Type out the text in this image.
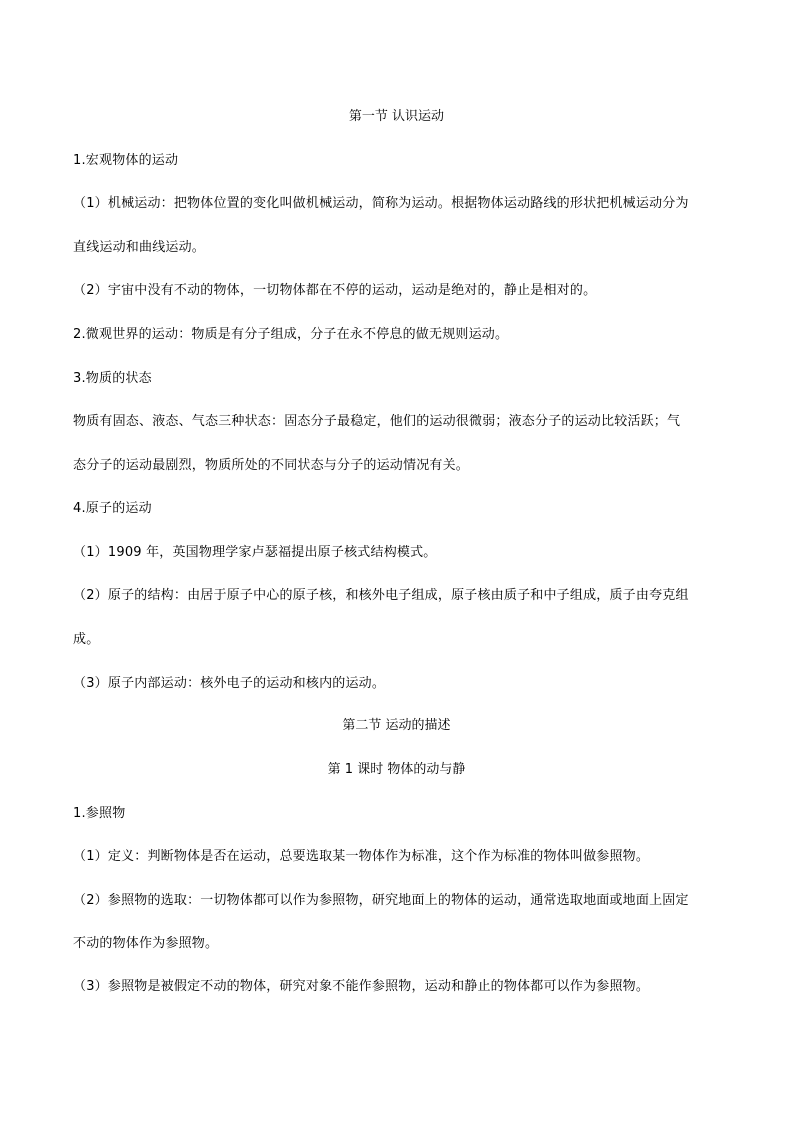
第一节 认识运动
1.宏观物体的运动
（1）机械运动：把物体位置的变化叫做机械运动，简称为运动。根据物体运动路线的形状把机械运动分为
直线运动和曲线运动。
（2）宇宙中没有不动的物体，一切物体都在不停的运动，运动是绝对的，静止是相对的。
2.微观世界的运动：物质是有分子组成，分子在永不停息的做无规则运动。
3.物质的状态
物质有固态、液态、气态三种状态：固态分子最稳定，他们的运动很微弱；液态分子的运动比较活跃；气
态分子的运动最剧烈，物质所处的不同状态与分子的运动情况有关。
4.原子的运动
（1）1909 年，英国物理学家卢瑟福提出原子核式结构模式。
（2）原子的结构：由居于原子中心的原子核，和核外电子组成，原子核由质子和中子组成，质子由夸克组
成。
（3）原子内部运动：核外电子的运动和核内的运动。
第二节 运动的描述
第 1 课时 物体的动与静
1.参照物
（1）定义：判断物体是否在运动，总要选取某一物体作为标准，这个作为标准的物体叫做参照物。
（2）参照物的选取：一切物体都可以作为参照物，研究地面上的物体的运动，通常选取地面或地面上固定
不动的物体作为参照物。
（3）参照物是被假定不动的物体，研究对象不能作参照物，运动和静止的物体都可以作为参照物。
